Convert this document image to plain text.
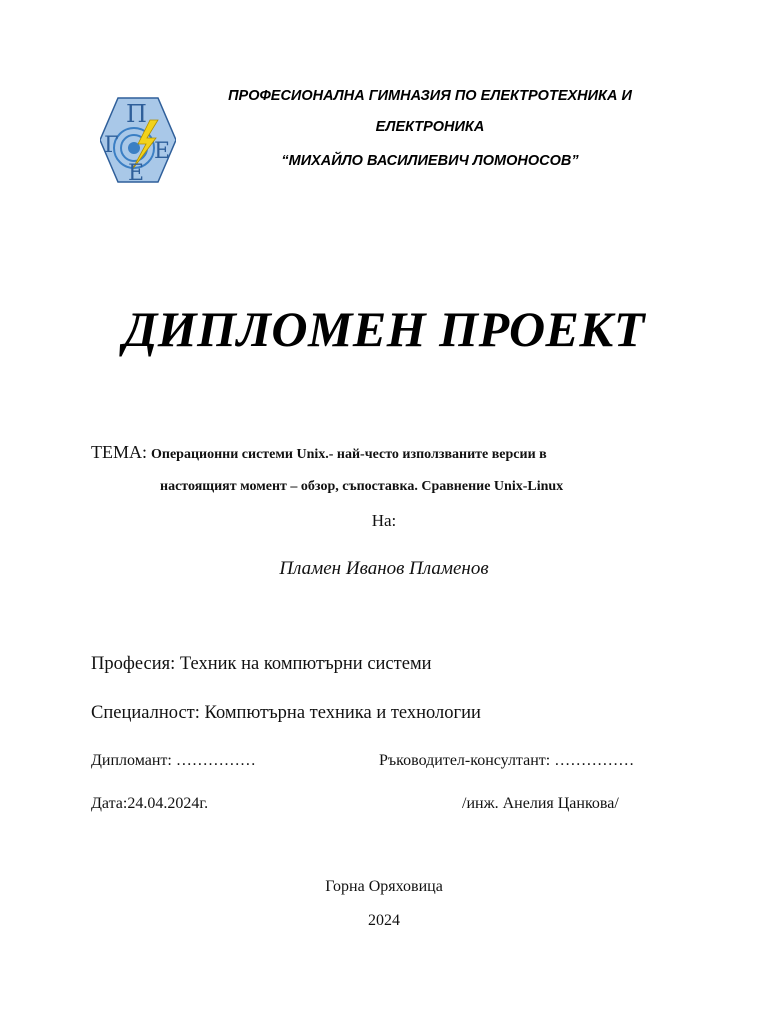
П
Г Е
Е
ПРОФЕСИОНАЛНА ГИМНАЗИЯ ПО ЕЛЕКТРОТЕХНИКА И
ЕЛЕКТРОНИКА
“МИХАЙЛО ВАСИЛИЕВИЧ ЛОМОНОСОВ”
ДИПЛОМЕН ПРОЕКТ
ТЕМА: Операционни системи Unix.- най-често използваните версии в
настоящият момент – обзор, съпоставка. Сравнение Unix-Linux
На:
Пламен Иванов Пламенов
Професия: Техник на компютърни системи
Специалност: Компютърна техника и технологии
Дипломант: ……………	Ръководител-консултант: ……………
Дата:24.04.2024г.	/инж. Анелия Цанкова/
Горна Оряховица
2024
